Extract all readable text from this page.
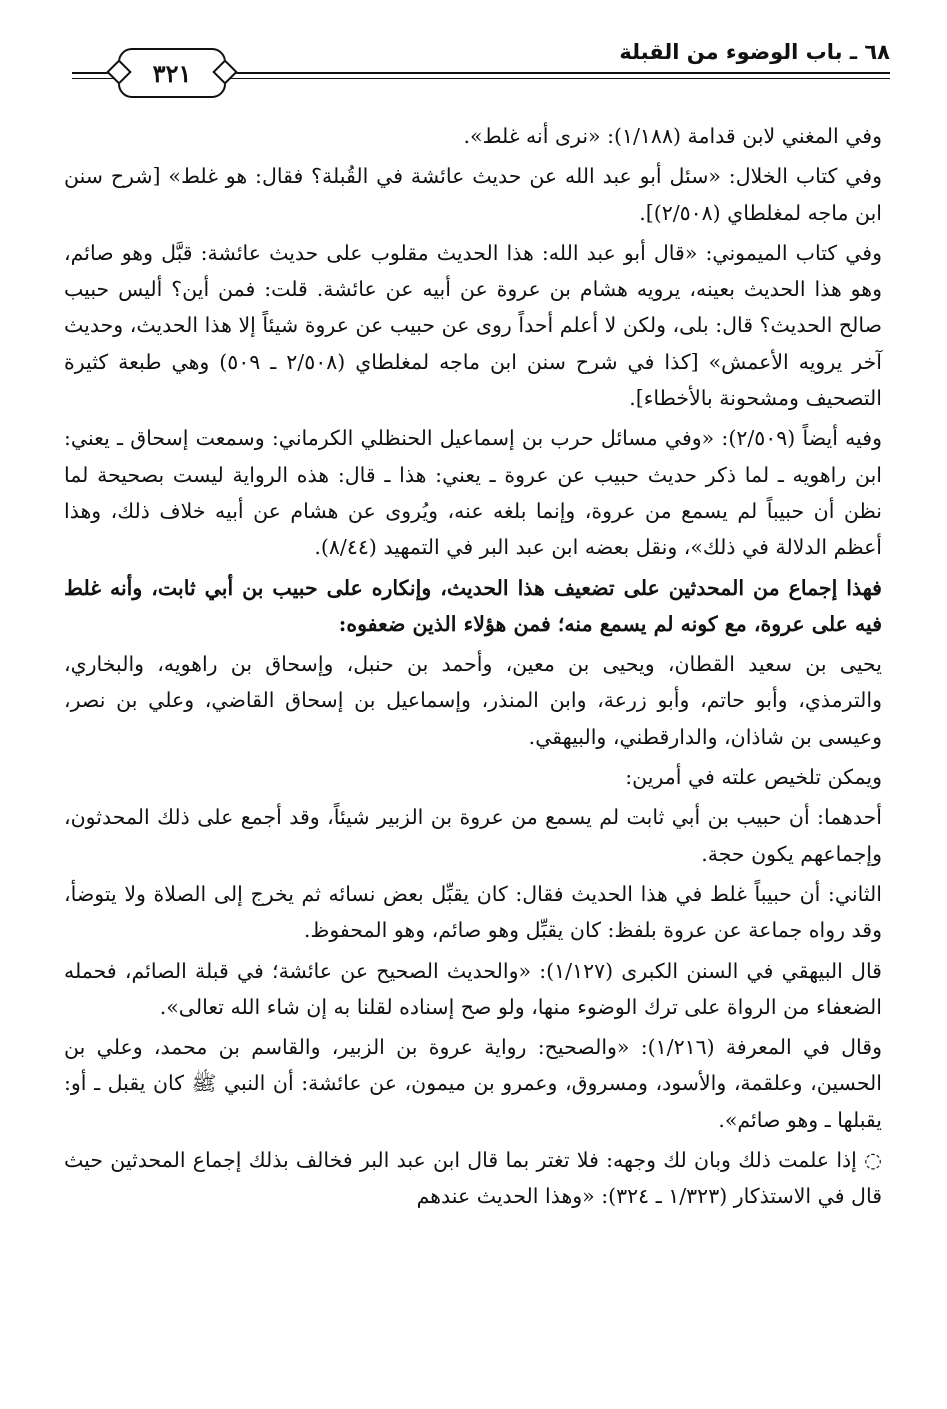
٦٨ ـ باب الوضوء من القبلة
٣٢١

وفي المغني لابن قدامة (١/١٨٨): «نرى أنه غلط».

وفي كتاب الخلال: «سئل أبو عبد الله عن حديث عائشة في القُبلة؟ فقال: هو غلط» [شرح سنن ابن ماجه لمغلطاي (٢/٥٠٨)].

وفي كتاب الميموني: «قال أبو عبد الله: هذا الحديث مقلوب على حديث عائشة: قبَّل وهو صائم، وهو هذا الحديث بعينه، يرويه هشام بن عروة عن أبيه عن عائشة. قلت: فمن أين؟ أليس حبيب صالح الحديث؟ قال: بلى، ولكن لا أعلم أحداً روى عن حبيب عن عروة شيئاً إلا هذا الحديث، وحديث آخر يرويه الأعمش» [كذا في شرح سنن ابن ماجه لمغلطاي (٢/٥٠٨ ـ ٥٠٩) وهي طبعة كثيرة التصحيف ومشحونة بالأخطاء].

وفيه أيضاً (٢/٥٠٩): «وفي مسائل حرب بن إسماعيل الحنظلي الكرماني: وسمعت إسحاق ـ يعني: ابن راهويه ـ لما ذكر حديث حبيب عن عروة ـ يعني: هذا ـ قال: هذه الرواية ليست بصحيحة لما نظن أن حبيباً لم يسمع من عروة، وإنما بلغه عنه، ويُروى عن هشام عن أبيه خلاف ذلك، وهذا أعظم الدلالة في ذلك»، ونقل بعضه ابن عبد البر في التمهيد (٨/٤٤).

فهذا إجماع من المحدثين على تضعيف هذا الحديث، وإنكاره على حبيب بن أبي ثابت، وأنه غلط فيه على عروة، مع كونه لم يسمع منه؛ فمن هؤلاء الذين ضعفوه:

يحيى بن سعيد القطان، ويحيى بن معين، وأحمد بن حنبل، وإسحاق بن راهويه، والبخاري، والترمذي، وأبو حاتم، وأبو زرعة، وابن المنذر، وإسماعيل بن إسحاق القاضي، وعلي بن نصر، وعيسى بن شاذان، والدارقطني، والبيهقي.

ويمكن تلخيص علته في أمرين:

أحدهما: أن حبيب بن أبي ثابت لم يسمع من عروة بن الزبير شيئاً، وقد أجمع على ذلك المحدثون، وإجماعهم يكون حجة.

الثاني: أن حبيباً غلط في هذا الحديث فقال: كان يقبِّل بعض نسائه ثم يخرج إلى الصلاة ولا يتوضأ، وقد رواه جماعة عن عروة بلفظ: كان يقبِّل وهو صائم، وهو المحفوظ.

قال البيهقي في السنن الكبرى (١/١٢٧): «والحديث الصحيح عن عائشة؛ في قبلة الصائم، فحمله الضعفاء من الرواة على ترك الوضوء منها، ولو صح إسناده لقلنا به إن شاء الله تعالى».

وقال في المعرفة (١/٢١٦): «والصحيح: رواية عروة بن الزبير، والقاسم بن محمد، وعلي بن الحسين، وعلقمة، والأسود، ومسروق، وعمرو بن ميمون، عن عائشة: أن النبي ﷺ كان يقبل ـ أو: يقبلها ـ وهو صائم».

◌ إذا علمت ذلك وبان لك وجهه: فلا تغتر بما قال ابن عبد البر فخالف بذلك إجماع المحدثين حيث قال في الاستذكار (١/٣٢٣ ـ ٣٢٤): «وهذا الحديث عندهم
